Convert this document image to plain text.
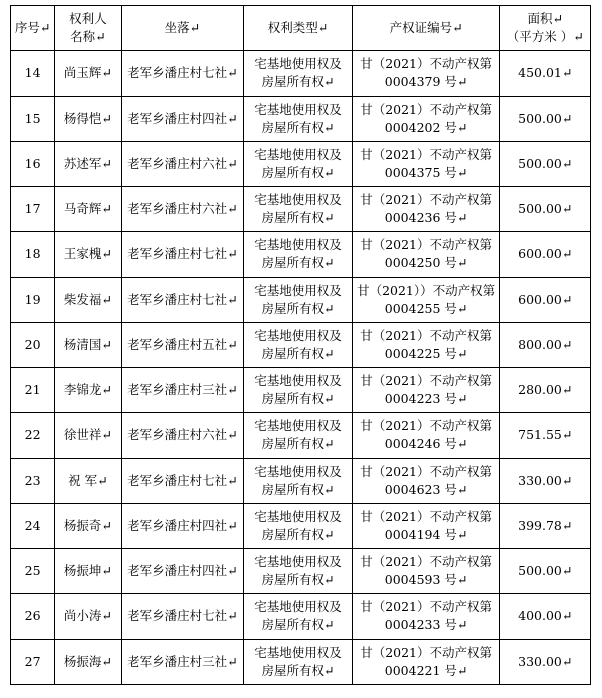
序号↵	权利人
名称↵	坐落↵	权利类型↵	产权证编号↵	面积↵
（平方米 ）↵

14	尚玉辉↵	老军乡潘庄村七社↵	宅基地使用权及
房屋所有权↵	甘（2021）不动产权第
0004379 号↵	450.01↵
15	杨得恺↵	老军乡潘庄村四社↵	宅基地使用权及
房屋所有权↵	甘（2021）不动产权第
0004202 号↵	500.00↵
16	苏述军↵	老军乡潘庄村六社↵	宅基地使用权及
房屋所有权↵	甘（2021）不动产权第
0004375 号↵	500.00↵
17	马奇辉↵	老军乡潘庄村六社↵	宅基地使用权及
房屋所有权↵	甘（2021）不动产权第
0004236 号↵	500.00↵
18	王家槐↵	老军乡潘庄村七社↵	宅基地使用权及
房屋所有权↵	甘（2021）不动产权第
0004250 号↵	600.00↵
19	柴发福↵	老军乡潘庄村七社↵	宅基地使用权及
房屋所有权↵	甘（2021））不动产权第
0004255 号↵	600.00↵
20	杨清国↵	老军乡潘庄村五社↵	宅基地使用权及
房屋所有权↵	甘（2021）不动产权第
0004225 号↵	800.00↵
21	李锦龙↵	老军乡潘庄村三社↵	宅基地使用权及
房屋所有权↵	甘（2021）不动产权第
0004223 号↵	280.00↵
22	徐世祥↵	老军乡潘庄村六社↵	宅基地使用权及
房屋所有权↵	甘（2021）不动产权第
0004246 号↵	751.55↵
23	祝 军↵	老军乡潘庄村七社↵	宅基地使用权及
房屋所有权↵	甘（2021）不动产权第
0004623 号↵	330.00↵
24	杨振奇↵	老军乡潘庄村四社↵	宅基地使用权及
房屋所有权↵	甘（2021）不动产权第
0004194 号↵	399.78↵
25	杨振坤↵	老军乡潘庄村四社↵	宅基地使用权及
房屋所有权↵	甘（2021）不动产权第
0004593 号↵	500.00↵
26	尚小涛↵	老军乡潘庄村七社↵	宅基地使用权及
房屋所有权↵	甘（2021）不动产权第
0004233 号↵	400.00↵
27	杨振海↵	老军乡潘庄村三社↵	宅基地使用权及
房屋所有权↵	甘（2021）不动产权第
0004221 号↵	330.00↵
